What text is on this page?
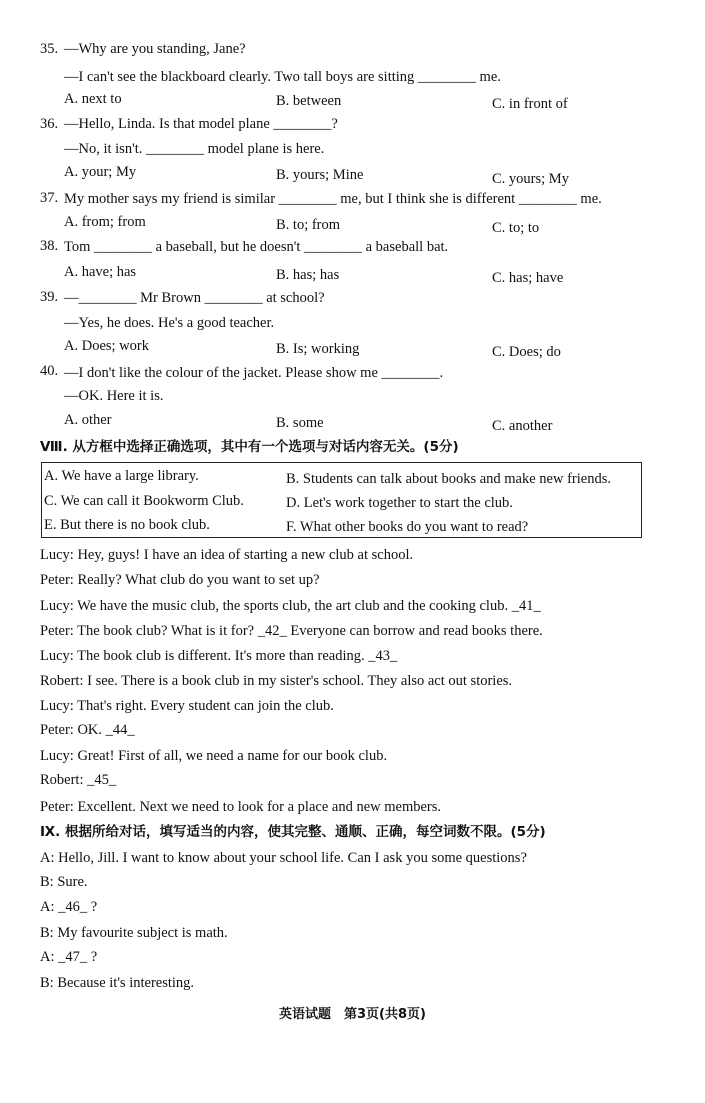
35. —Why are you standing, Jane?
—I can't see the blackboard clearly. Two tall boys are sitting ________ me.
A. next to	B. between	C. in front of
36. —Hello, Linda. Is that model plane ________?
—No, it isn't. ________ model plane is here.
A. your; My	B. yours; Mine	C. yours; My
37. My mother says my friend is similar ________ me, but I think she is different ________ me.
A. from; from	B. to; from	C. to; to
38. Tom ________ a baseball, but he doesn't ________ a baseball bat.
A. have; has	B. has; has	C. has; have
39. —________ Mr Brown ________ at school?
—Yes, he does. He's a good teacher.
A. Does; work	B. Is; working	C. Does; do
40. —I don't like the colour of the jacket. Please show me ________.
—OK. Here it is.
A. other	B. some	C. another
Ⅷ. 从方框中选择正确选项，其中有一个选项与对话内容无关。(5分)
A. We have a large library.	B. Students can talk about books and make new friends.
C. We can call it Bookworm Club.	D. Let's work together to start the club.
E. But there is no book club.	F. What other books do you want to read?
Lucy: Hey, guys! I have an idea of starting a new club at school.
Peter: Really? What club do you want to set up?
Lucy: We have the music club, the sports club, the art club and the cooking club. _41_
Peter: The book club? What is it for? _42_ Everyone can borrow and read books there.
Lucy: The book club is different. It's more than reading. _43_
Robert: I see. There is a book club in my sister's school. They also act out stories.
Lucy: That's right. Every student can join the club.
Peter: OK. _44_
Lucy: Great! First of all, we need a name for our book club.
Robert: _45_
Peter: Excellent. Next we need to look for a place and new members.
Ⅸ. 根据所给对话，填写适当的内容，使其完整、通顺、正确，每空词数不限。(5分)
A: Hello, Jill. I want to know about your school life. Can I ask you some questions?
B: Sure.
A: _46_ ?
B: My favourite subject is math.
A: _47_ ?
B: Because it's interesting.
英语试题　第3页(共8页)
